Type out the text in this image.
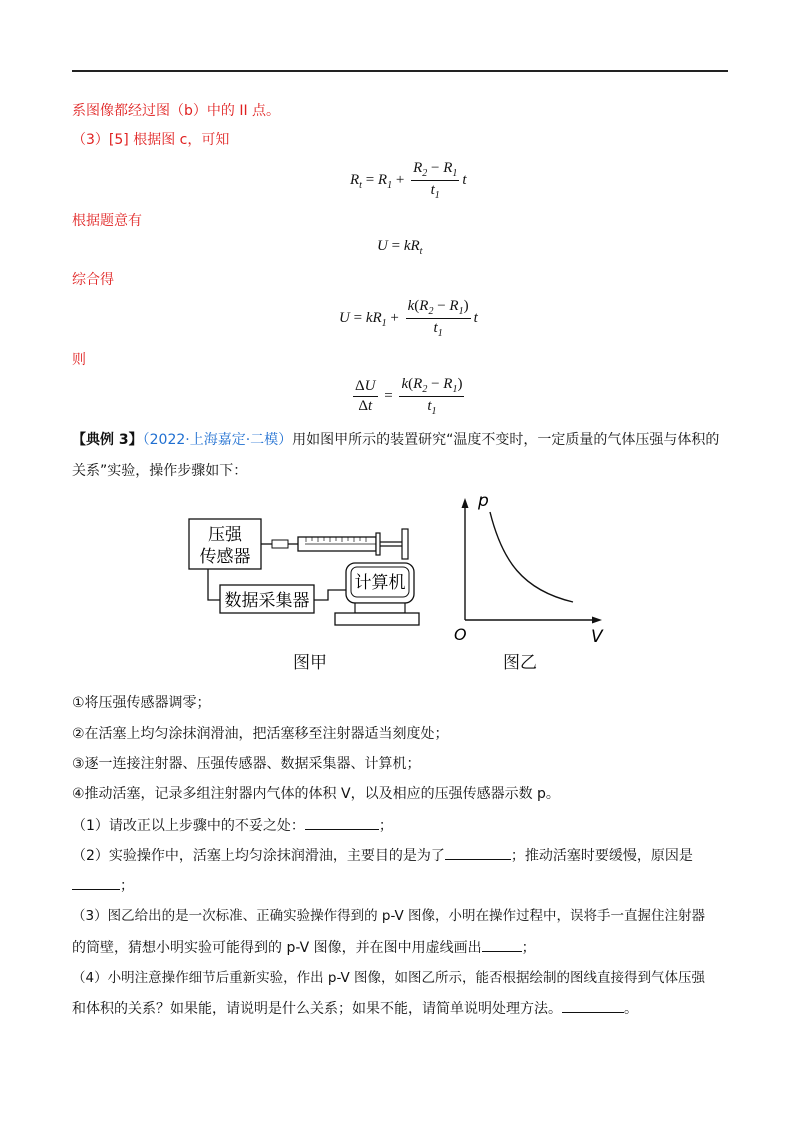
系图像都经过图（b）中的 II 点。
（3）[5] 根据图 c，可知
$R_t = R_1 + \frac{R_2 - R_1}{t_1}$ t
根据题意有
$U = kR_t$
综合得
$U = kR_1 + \frac{k(R_2 - R_1)}{t_1}$ t
则
$\frac{\Delta U}{\Delta t} = \frac{k(R_2 - R_1)}{t_1}$
【典例 3】（2022·上海嘉定·二模）用如图甲所示的装置研究“温度不变时，一定质量的气体压强与体积的
关系”实验，操作步骤如下：
压强
传感器
数据采集器
计算机
图甲
p
V
O
图乙
①将压强传感器调零；
②在活塞上均匀涂抹润滑油，把活塞移至注射器适当刻度处；
③逐一连接注射器、压强传感器、数据采集器、计算机；
④推动活塞，记录多组注射器内气体的体积 V，以及相应的压强传感器示数 p。
（1）请改正以上步骤中的不妥之处：	；
（2）实验操作中，活塞上均匀涂抹润滑油，主要目的是为了	；推动活塞时要缓慢，原因是
；
（3）图乙给出的是一次标准、正确实验操作得到的 p-V 图像，小明在操作过程中，误将手一直握住注射器
的筒壁，猜想小明实验可能得到的 p-V 图像，并在图中用虚线画出	；
（4）小明注意操作细节后重新实验，作出 p-V 图像，如图乙所示，能否根据绘制的图线直接得到气体压强
和体积的关系？如果能，请说明是什么关系；如果不能，请简单说明处理方法。	。
